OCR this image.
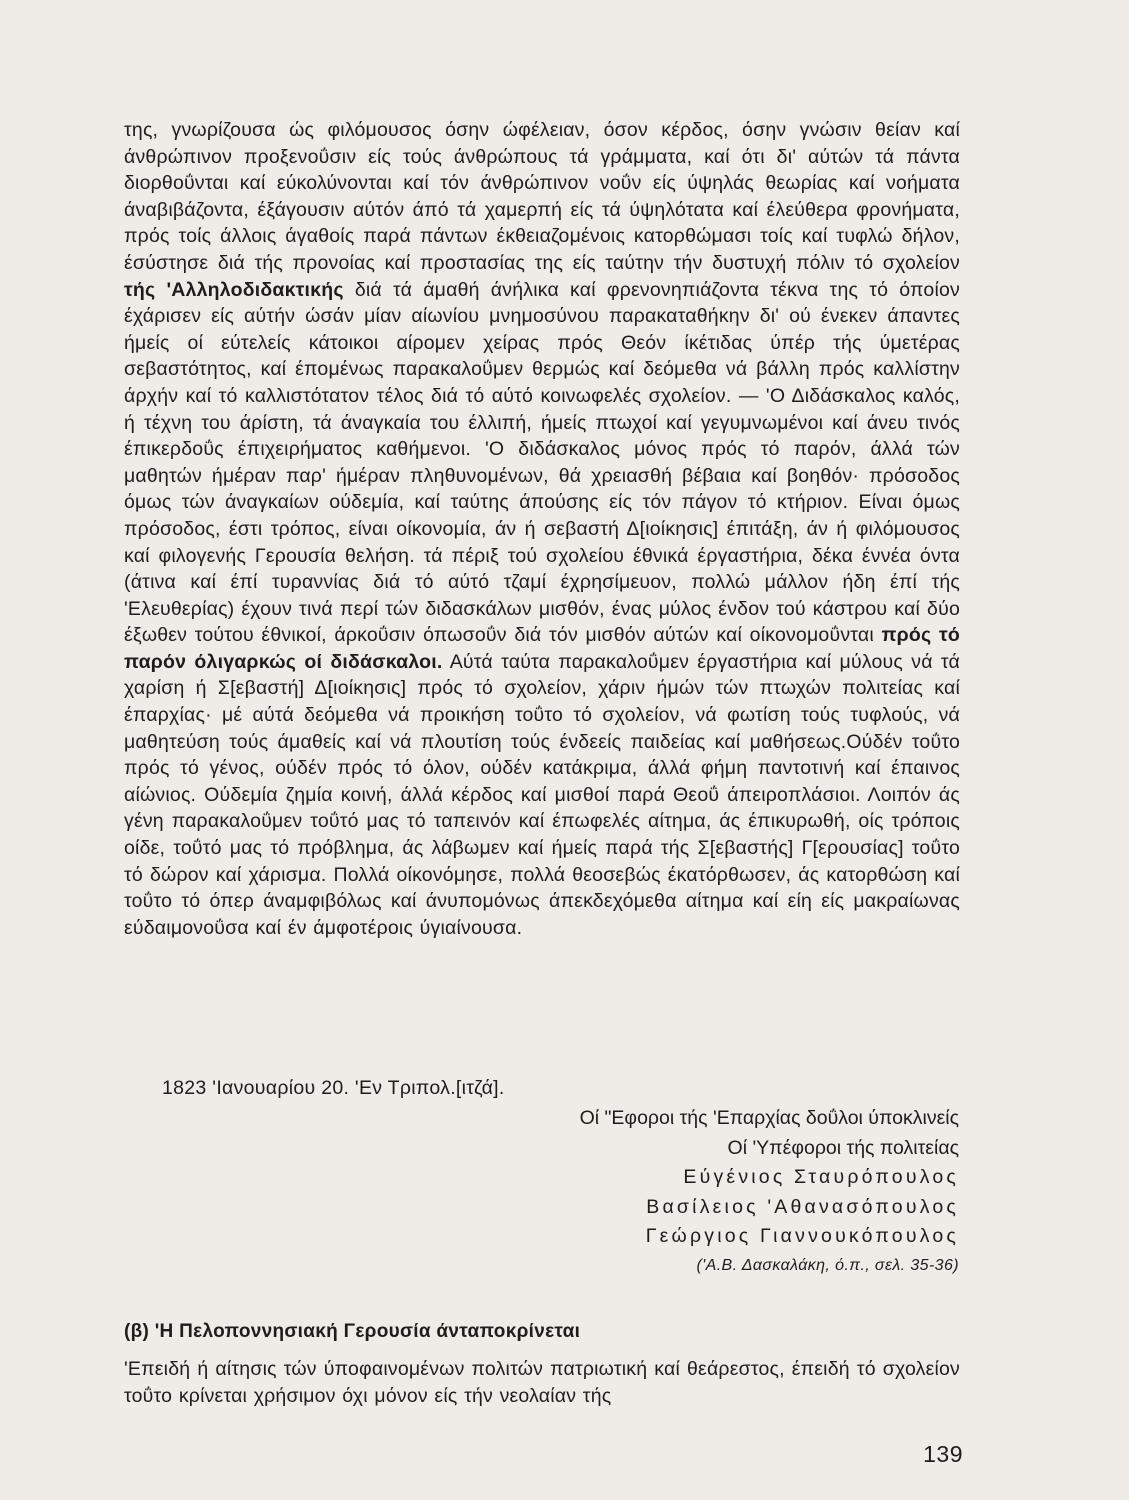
της, γνωρίζουσα ώς φιλόμουσος όσην ώφέλειαν, όσον κέρδος, όσην γνώσιν θείαν καί άνθρώπινον προξενοΰσιν είς τούς άνθρώπους τά γράμματα, καί ότι δι' αύτών τά πάντα διορθοΰνται καί εύκολύνονται καί τόν άνθρώπινον νοΰν είς ύψηλάς θεωρίας καί νοήματα άναβιβάζοντα, έξάγουσιν αύτόν άπό τά χαμερπή είς τά ύψηλότατα καί έλεύθερα φρονήματα, πρός τοίς άλλοις άγαθοίς παρά πάντων έκθειαζομένοις κατορθώμασι τοίς καί τυφλώ δήλον, έσύστησε διά τής προνοίας καί προστασίας της είς ταύτην τήν δυστυχή πόλιν τό σχολείον τής 'Αλληλοδιδακτικής διά τά άμαθή άνήλικα καί φρενονηπιάζοντα τέκνα της τό όποίον έχάρισεν είς αύτήν ώσάν μίαν αίωνίου μνημοσύνου παρακαταθήκην δι' ού ένεκεν άπαντες ήμείς οί εύτελείς κάτοικοι αίρομεν χείρας πρός Θεόν ίκέτιδας ύπέρ τής ύμετέρας σεβαστότητος, καί έπομένως παρακαλοΰμεν θερμώς καί δεόμεθα νά βάλλη πρός καλλίστην άρχήν καί τό καλλιστότατον τέλος διά τό αύτό κοινωφελές σχολείον. — 'Ο Διδάσκαλος καλός, ή τέχνη του άρίστη, τά άναγκαία του έλλιπή, ήμείς πτωχοί καί γεγυμνωμένοι καί άνευ τινός έπικερδοΰς έπιχειρήματος καθήμενοι. 'Ο διδάσκαλος μόνος πρός τό παρόν, άλλά τών μαθητών ήμέραν παρ' ήμέραν πληθυνομένων, θά χρειασθή βέβαια καί βοηθόν· πρόσοδος όμως τών άναγκαίων ούδεμία, καί ταύτης άπούσης είς τόν πάγον τό κτήριον. Είναι όμως πρόσοδος, έστι τρόπος, είναι οίκονομία, άν ή σεβαστή Δ[ιοίκησις] έπιτάξη, άν ή φιλόμουσος καί φιλογενής Γερουσία θελήση. τά πέριξ τού σχολείου έθνικά έργαστήρια, δέκα έννέα όντα (άτινα καί έπί τυραννίας διά τό αύτό τζαμί έχρησίμευον, πολλώ μάλλον ήδη έπί τής 'Ελευθερίας) έχουν τινά περί τών διδασκάλων μισθόν, ένας μύλος ένδον τού κάστρου καί δύο έξωθεν τούτου έθνικοί, άρκοΰσιν όπωσοΰν διά τόν μισθόν αύτών καί οίκονομοΰνται πρός τό παρόν όλιγαρκώς οί διδάσκαλοι. Αύτά ταύτα παρακαλοΰμεν έργαστήρια καί μύλους νά τά χαρίση ή Σ[εβαστή] Δ[ιοίκησις] πρός τό σχολείον, χάριν ήμών τών πτωχών πολιτείας καί έπαρχίας· μέ αύτά δεόμεθα νά προικήση τοΰτο τό σχολείον, νά φωτίση τούς τυφλούς, νά μαθητεύση τούς άμαθείς καί νά πλουτίση τούς ένδεείς παιδείας καί μαθήσεως.Ούδέν τοΰτο πρός τό γένος, ούδέν πρός τό όλον, ούδέν κατάκριμα, άλλά φήμη παντοτινή καί έπαινος αίώνιος. Ούδεμία ζημία κοινή, άλλά κέρδος καί μισθοί παρά Θεοΰ άπειροπλάσιοι. Λοιπόν άς γένη παρακαλοΰμεν τοΰτό μας τό ταπεινόν καί έπωφελές αίτημα, άς έπικυρωθή, οίς τρόποις οίδε, τοΰτό μας τό πρόβλημα, άς λάβωμεν καί ήμείς παρά τής Σ[εβαστής] Γ[ερουσίας] τοΰτο τό δώρον καί χάρισμα. Πολλά οίκονόμησε, πολλά θεοσεβώς έκατόρθωσεν, άς κατορθώση καί τοΰτο τό όπερ άναμφιβόλως καί άνυπομόνως άπεκδεχόμεθα αίτημα καί είη είς μακραίωνας εύδαιμονοΰσα καί έν άμφοτέροις ύγιαίνουσα.

1823 'Ιανουαρίου 20. 'Εν Τριπολ.[ιτζά].
Οί "Εφοροι τής 'Επαρχίας δοΰλοι ύποκλινείς
Οί 'Υπέφοροι τής πολιτείας
Εύγένιος Σταυρόπουλος
Βασίλειος 'Αθανασόπουλος
Γεώργιος Γιαννουκόπουλος
('Α.Β. Δασκαλάκη, ό.π., σελ. 35-36)
(β) 'Η Πελοποννησιακή Γερουσία άνταποκρίνεται
'Επειδή ή αίτησις τών ύποφαινομένων πολιτών πατριωτική καί θεάρεστος, έπειδή τό σχολείον τοΰτο κρίνεται χρήσιμον όχι μόνον είς τήν νεολαίαν τής
139
